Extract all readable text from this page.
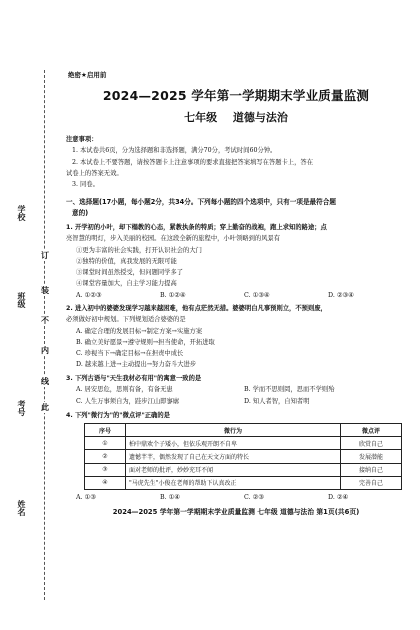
学校
班级
考号
姓名
订
装
不
内
线
此
绝密★启用前
2024—2025 学年第一学期期末学业质量监测
七年级 道德与法治

注意事项：

1. 本试卷共6页，分为选择题和非选择题，满分70分，考试时间60分钟。

2. 本试卷上不要答题，请按答题卡上注意事项的要求直接把答案填写在答题卡上，答在

试卷上的答案无效。

3. 同卷。

一、选择题(17小题，每小题2分，共34分。下列每小题的四个选项中，只有一项是最符合题

意的)

1. 开学初的小叶，却下榻教的心态，紧教执条的特质；穿上勤奋的战袍，跑上求知的路途；点

亮智慧的明灯，步入美丽的校园。在这段全新的旅程中，小叶领略到的风景有

①更为丰富的社会实践，打开认识社会的大门

②独特的价值，真我发展的无限可能

③课堂时间虽然授受，但问题同学多了

④课堂容量加大，自主学习能力提高

A. ①②③	B. ①②④	C. ①③④	D. ②③④

2. 进入初中的婆婆发现学习越来越困难，他有点茫然无措。婆婆明白凡事预则立，不预则废，

必须做好初中规划。下列规划适合婆婆的是

A. 确定合理的发展目标→制定方案→实施方案

B. 确立美好愿景→遵守规则→担当使命，开拓进取

C. 珍视当下→确定目标→在担责中成长

D. 越来越上进→主动提出→努力奋斗大进步

3. 下列古语与"天生我材必有用"的寓意一致的是

A. 居安思危，思则有备，有备无患	B. 学而不思则罔，思而不学则殆
C. 人生万事须自为，跬步江山即寥廓	D. 知人者智，自知者明

4. 下列"微行为"的"微点评"正确的是

序号	微行为	微点评
①	柏中鼎欢个子矮小，但依乐观开朗不自卑	欣赏自己
②	遗憾芊芊，偶然发现了自己在天文方面的特长	发展潜能
③	面对老师的批评，妙妙充耳不闻	接纳自己
④	"马虎先生"小俊在老师的帮助下认真改正	完善自己
A. ①③	B. ①④	C. ②③	D. ②④
2024—2025 学年第一学期期末学业质量监测 七年级 道德与法治 第1页(共6页)
